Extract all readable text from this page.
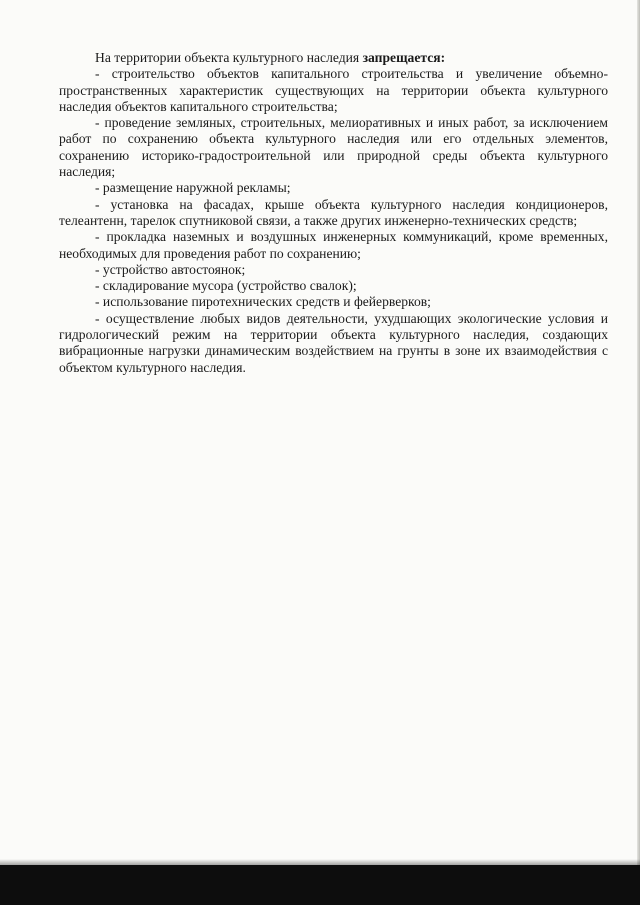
На территории объекта культурного наследия запрещается:

- строительство объектов капитального строительства и увеличение объемно-пространственных характеристик существующих на территории объекта культурного наследия объектов капитального строительства;

- проведение земляных, строительных, мелиоративных и иных работ, за исключением работ по сохранению объекта культурного наследия или его отдельных элементов, сохранению историко-градостроительной или природной среды объекта культурного наследия;

- размещение наружной рекламы;

- установка на фасадах, крыше объекта культурного наследия кондиционеров, телеантенн, тарелок спутниковой связи, а также других инженерно-технических средств;

- прокладка наземных и воздушных инженерных коммуникаций, кроме временных, необходимых для проведения работ по сохранению;

- устройство автостоянок;

- складирование мусора (устройство свалок);

- использование пиротехнических средств и фейерверков;

- осуществление любых видов деятельности, ухудшающих экологические условия и гидрологический режим на территории объекта культурного наследия, создающих вибрационные нагрузки динамическим воздействием на грунты в зоне их взаимодействия с объектом культурного наследия.
